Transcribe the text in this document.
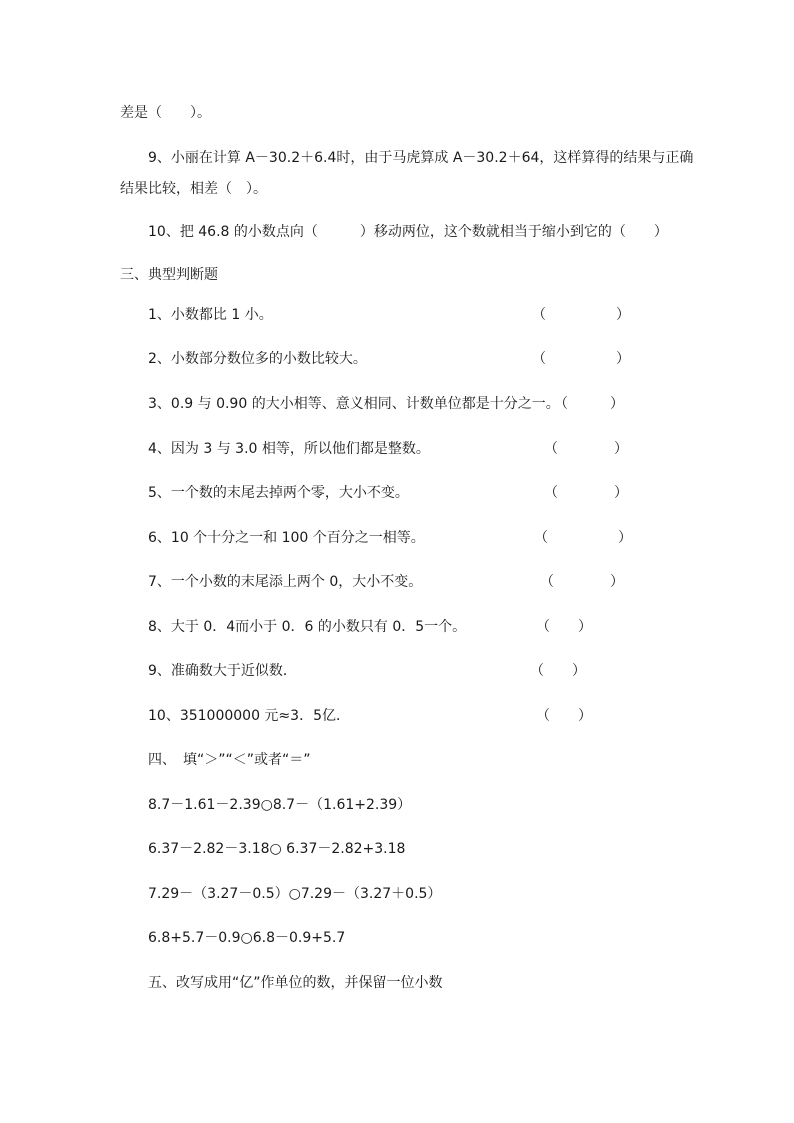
差是（　　）。
9、小丽在计算 A－30.2＋6.4时，由于马虎算成 A－30.2＋64，这样算得的结果与正确
结果比较，相差（　）。
10、把 46.8 的小数点向（　　　）移动两位，这个数就相当于缩小到它的（　　）
三、典型判断题
1、小数都比 1 小。	（　　　　　）
2、小数部分数位多的小数比较大。	（　　　　　）
3、0.9 与 0.90 的大小相等、意义相同、计数单位都是十分之一。
（　　　）
4、因为 3 与 3.0 相等，所以他们都是整数。	（　　　　）
5、一个数的末尾去掉两个零，大小不变。	（　　　　）
6、10 个十分之一和 100 个百分之一相等。	（　　　　　）
7、一个小数的末尾添上两个 0，大小不变。	（　　　　）
8、大于 0．4而小于 0．6 的小数只有 0．5一个。	（　　）
9、准确数大于近似数．	（　　）
10、351000000 元≈3．5亿．	（　　）
四、　填“＞”“＜”或者“＝”
8.7－1.61－2.39○8.7－（1.61+2.39）
6.37－2.82－3.18○ 6.37－2.82+3.18
7.29－（3.27－0.5）○7.29－（3.27＋0.5）
6.8+5.7－0.9○6.8－0.9+5.7
五、改写成用“亿”作单位的数，并保留一位小数
